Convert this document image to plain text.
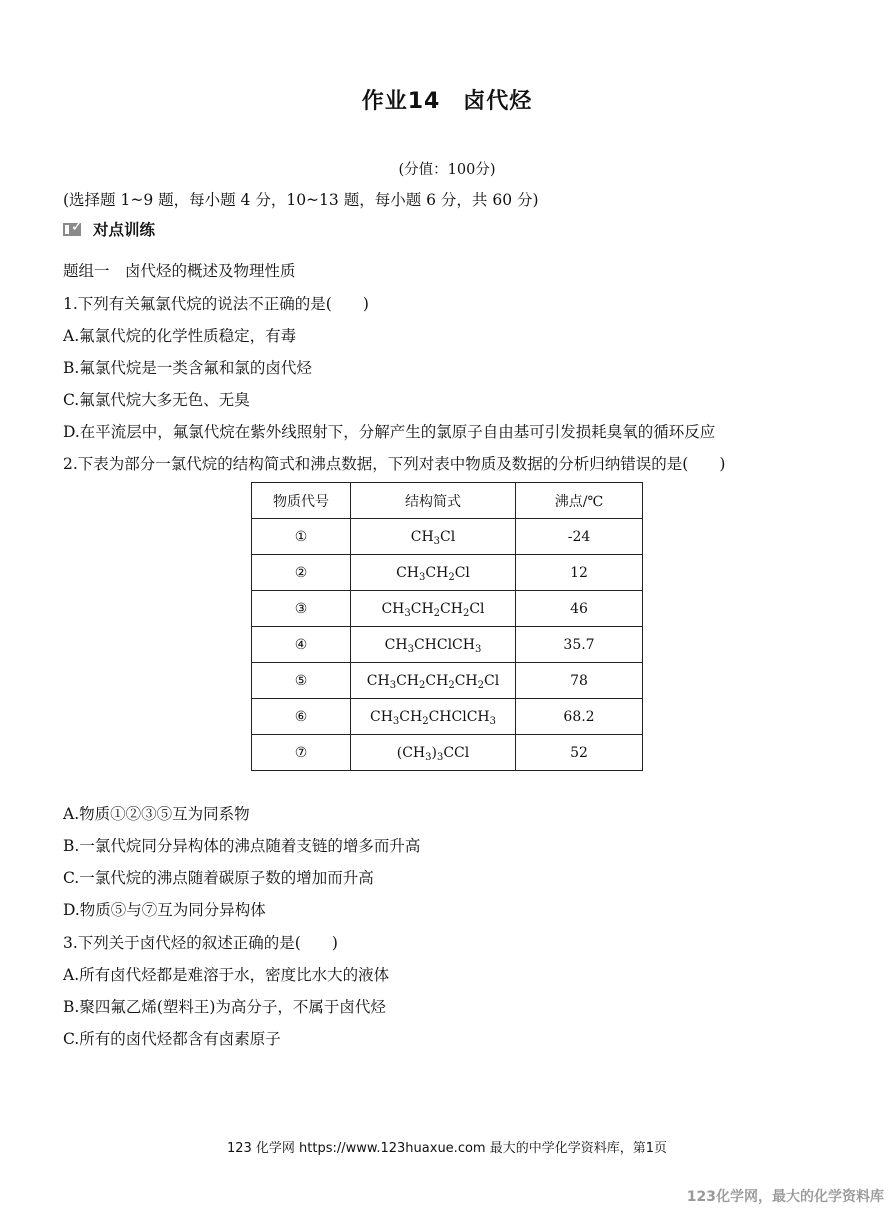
作业14　卤代烃
(分值：100分)
(选择题 1~9 题，每小题 4 分，10~13 题，每小题 6 分，共 60 分)
✓ 对点训练
题组一　卤代烃的概述及物理性质
1.下列有关氟氯代烷的说法不正确的是(　　)
A.氟氯代烷的化学性质稳定，有毒
B.氟氯代烷是一类含氟和氯的卤代烃
C.氟氯代烷大多无色、无臭
D.在平流层中，氟氯代烷在紫外线照射下，分解产生的氯原子自由基可引发损耗臭氧的循环反应
2.下表为部分一氯代烷的结构简式和沸点数据，下列对表中物质及数据的分析归纳错误的是(　　)
物质代号	结构简式	沸点/℃
①	$CH_3Cl$	-24
②	$CH_3CH_2Cl$	12
③	$CH_3CH_2CH_2Cl$	46
④	$CH_3CHClCH_3$	35.7
⑤	$CH_3CH_2CH_2CH_2Cl$	78
⑥	$CH_3CH_2CHClCH_3$	68.2
⑦	$(CH_3)_3CCl$	52
A.物质①②③⑤互为同系物
B.一氯代烷同分异构体的沸点随着支链的增多而升高
C.一氯代烷的沸点随着碳原子数的增加而升高
D.物质⑤与⑦互为同分异构体
3.下列关于卤代烃的叙述正确的是(　　)
A.所有卤代烃都是难溶于水，密度比水大的液体
B.聚四氟乙烯(塑料王)为高分子，不属于卤代烃
C.所有的卤代烃都含有卤素原子
123 化学网 https://www.123huaxue.com 最大的中学化学资料库，第1页
123化学网，最大的化学资料库
